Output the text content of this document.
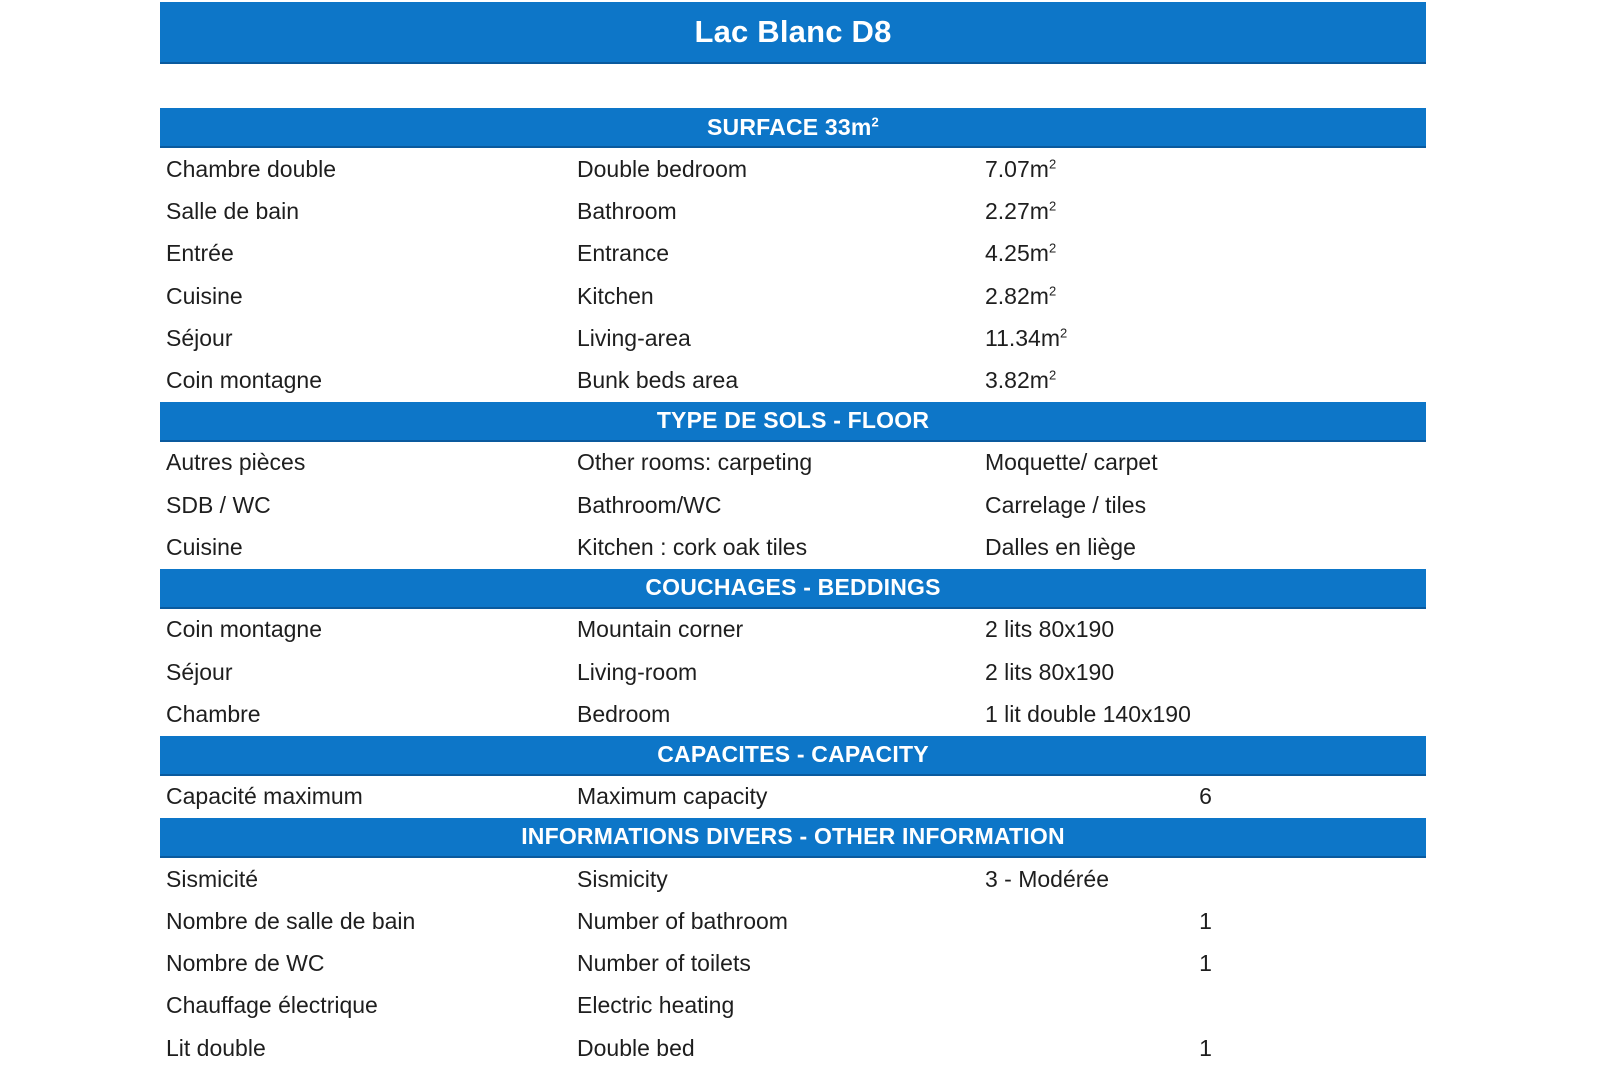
Lac Blanc D8
SURFACE $33m^2$
Chambre double	Double bedroom	$7.07m^2$
Salle de bain	Bathroom	$2.27m^2$
Entrée	Entrance	$4.25m^2$
Cuisine	Kitchen	$2.82m^2$
Séjour	Living-area	$11.34m^2$
Coin montagne	Bunk beds area	$3.82m^2$
TYPE DE SOLS - FLOOR
Autres pièces	Other rooms: carpeting	Moquette/ carpet
SDB / WC	Bathroom/WC	Carrelage / tiles
Cuisine	Kitchen : cork oak tiles	Dalles en liège
COUCHAGES - BEDDINGS
Coin montagne	Mountain corner	2 lits 80x190
Séjour	Living-room	2 lits 80x190
Chambre	Bedroom	1 lit double 140x190
CAPACITES - CAPACITY
Capacité maximum	Maximum capacity	6
INFORMATIONS DIVERS - OTHER INFORMATION
Sismicité	Sismicity	3 - Modérée
Nombre de salle de bain	Number of bathroom	1
Nombre de WC	Number of toilets	1
Chauffage électrique	Electric heating
Lit double	Double bed	1
